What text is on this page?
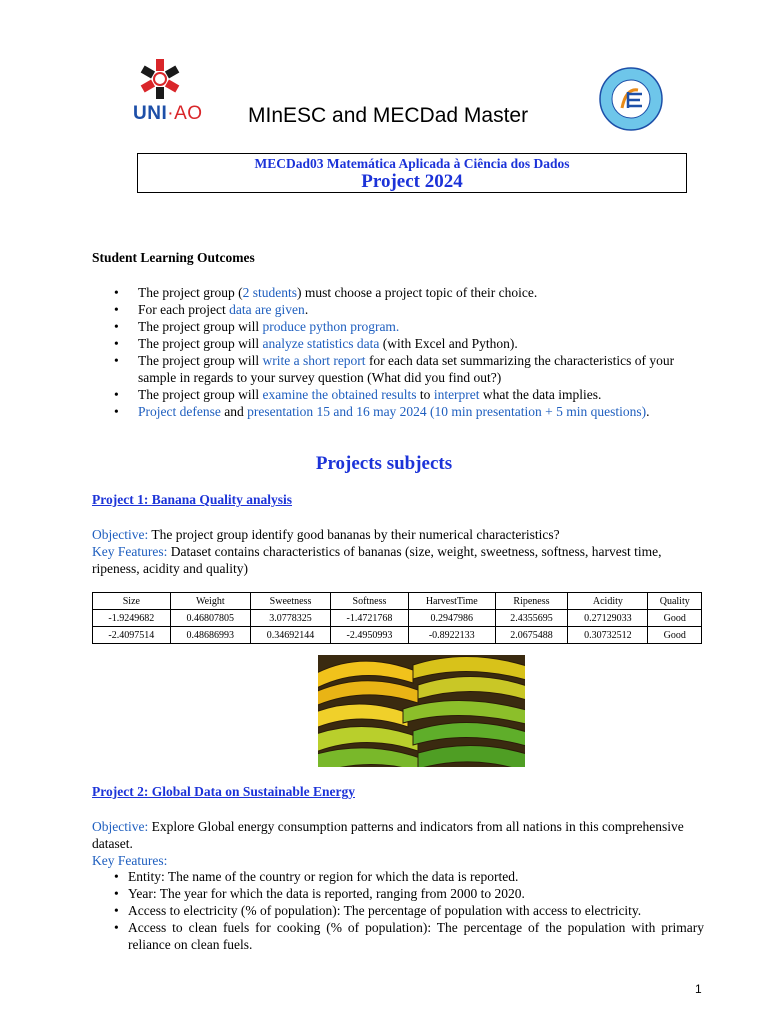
UNI·AO MInESC and MECDad Master
MECDad03 Matemática Aplicada à Ciência dos Dados
Project 2024
Student Learning Outcomes
• The project group (2 students) must choose a project topic of their choice.
• For each project data are given.
• The project group will produce python program.
• The project group will analyze statistics data (with Excel and Python).
• The project group will write a short report for each data set summarizing the characteristics of your sample in regards to your survey question (What did you find out?)
• The project group will examine the obtained results to interpret what the data implies.
• Project defense and presentation 15 and 16 may 2024 (10 min presentation + 5 min questions).
Projects subjects
Project 1: Banana Quality analysis
Objective: The project group identify good bananas by their numerical characteristics?
Key Features: Dataset contains characteristics of bananas (size, weight, sweetness, softness, harvest time, ripeness, acidity and quality)
Size	Weight	Sweetness	Softness	HarvestTime	Ripeness	Acidity	Quality
-1.9249682	0.46807805	3.0778325	-1.4721768	0.2947986	2.4355695	0.27129033	Good
-2.4097514	0.48686993	0.34692144	-2.4950993	-0.8922133	2.0675488	0.30732512	Good
Project 2: Global Data on Sustainable Energy
Objective: Explore Global energy consumption patterns and indicators from all nations in this comprehensive dataset.
Key Features:
• Entity: The name of the country or region for which the data is reported.
• Year: The year for which the data is reported, ranging from 2000 to 2020.
• Access to electricity (% of population): The percentage of population with access to electricity.
• Access to clean fuels for cooking (% of population): The percentage of the population with primary reliance on clean fuels.
1
